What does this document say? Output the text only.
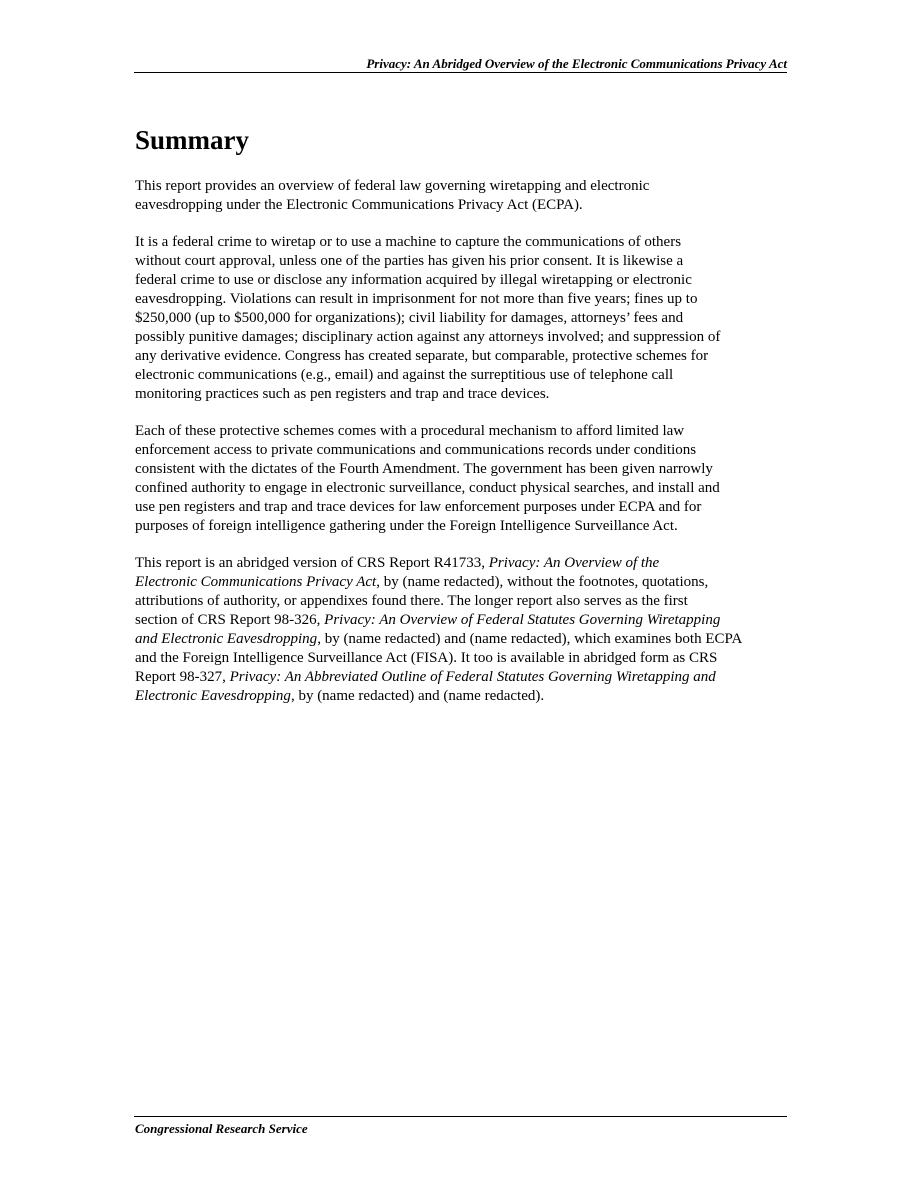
Privacy: An Abridged Overview of the Electronic Communications Privacy Act
Summary

This report provides an overview of federal law governing wiretapping and electronic
eavesdropping under the Electronic Communications Privacy Act (ECPA).

It is a federal crime to wiretap or to use a machine to capture the communications of others
without court approval, unless one of the parties has given his prior consent. It is likewise a
federal crime to use or disclose any information acquired by illegal wiretapping or electronic
eavesdropping. Violations can result in imprisonment for not more than five years; fines up to
$250,000 (up to $500,000 for organizations); civil liability for damages, attorneys’ fees and
possibly punitive damages; disciplinary action against any attorneys involved; and suppression of
any derivative evidence. Congress has created separate, but comparable, protective schemes for
electronic communications (e.g., email) and against the surreptitious use of telephone call
monitoring practices such as pen registers and trap and trace devices.

Each of these protective schemes comes with a procedural mechanism to afford limited law
enforcement access to private communications and communications records under conditions
consistent with the dictates of the Fourth Amendment. The government has been given narrowly
confined authority to engage in electronic surveillance, conduct physical searches, and install and
use pen registers and trap and trace devices for law enforcement purposes under ECPA and for
purposes of foreign intelligence gathering under the Foreign Intelligence Surveillance Act.

This report is an abridged version of CRS Report R41733, Privacy: An Overview of the
Electronic Communications Privacy Act, by (name redacted), without the footnotes, quotations,
attributions of authority, or appendixes found there. The longer report also serves as the first
section of CRS Report 98-326, Privacy: An Overview of Federal Statutes Governing Wiretapping
and Electronic Eavesdropping, by (name redacted) and (name redacted), which examines both ECPA
and the Foreign Intelligence Surveillance Act (FISA). It too is available in abridged form as CRS
Report 98-327, Privacy: An Abbreviated Outline of Federal Statutes Governing Wiretapping and
Electronic Eavesdropping, by (name redacted) and (name redacted).

Congressional Research Service
